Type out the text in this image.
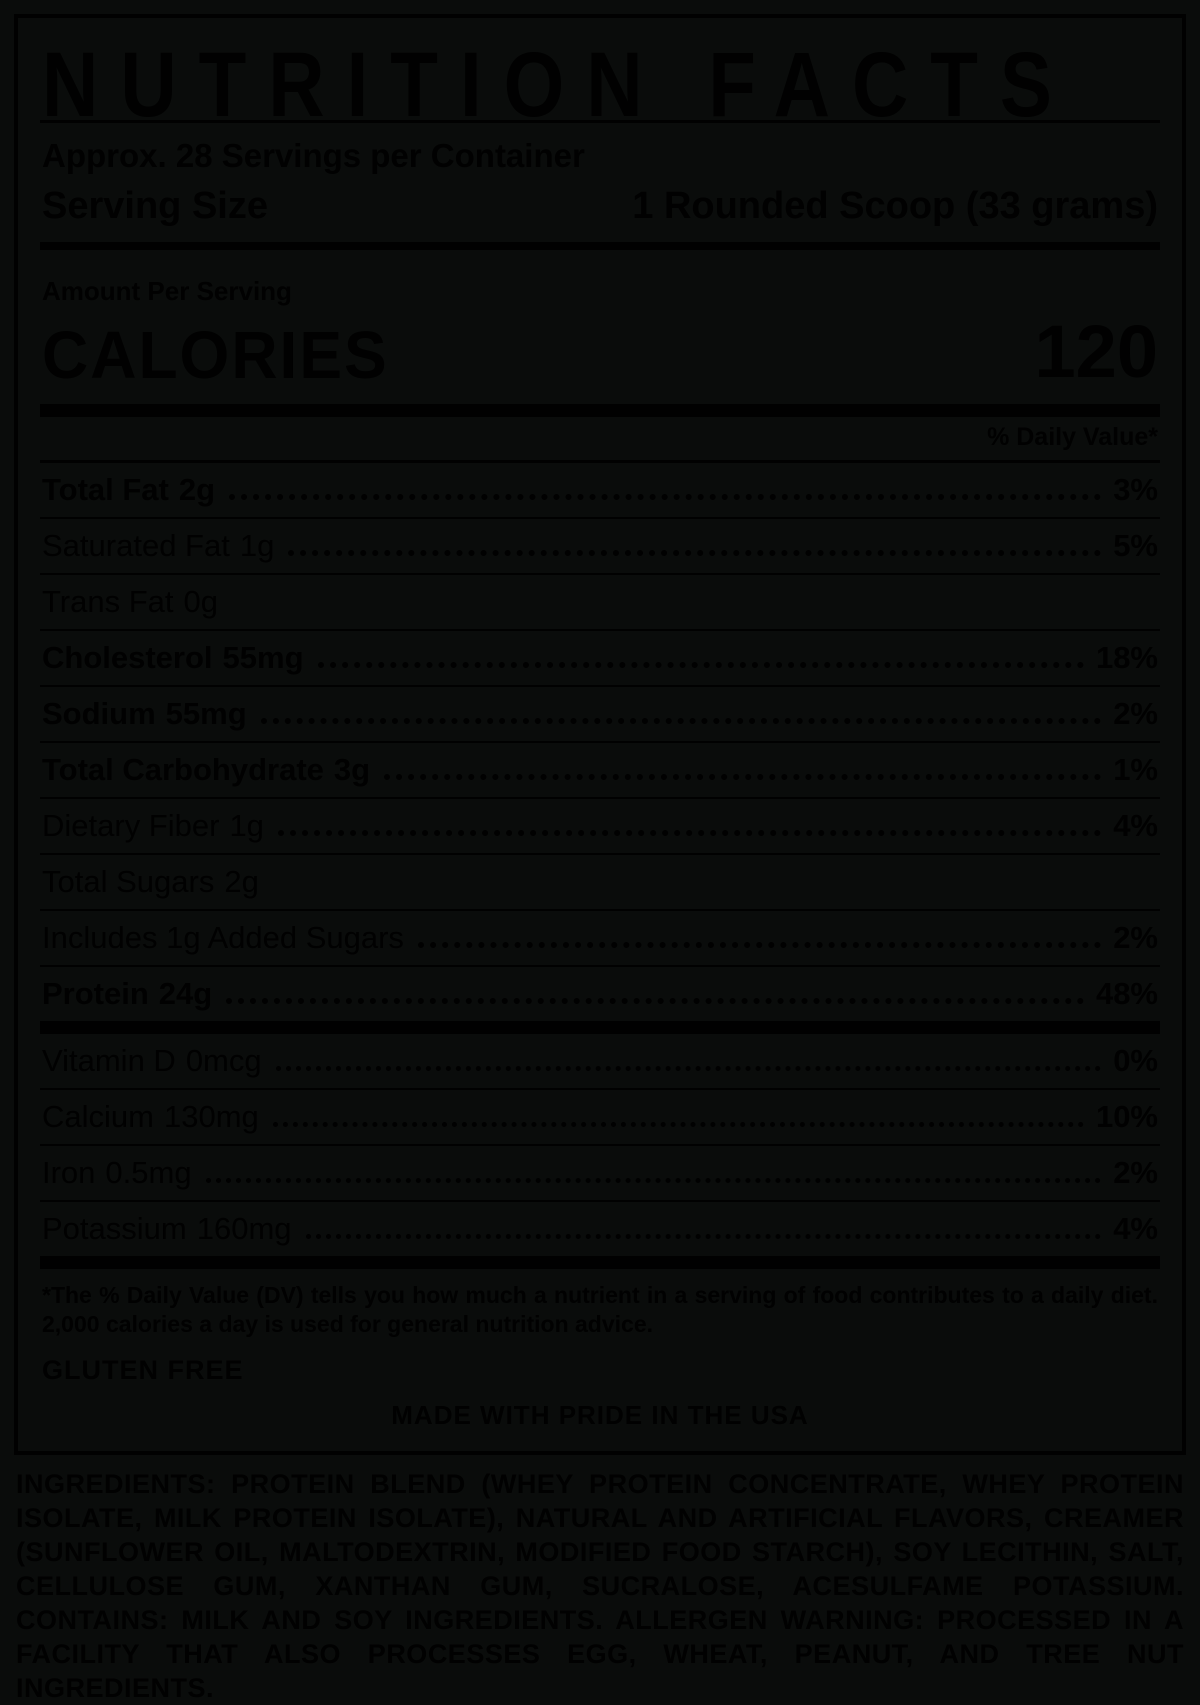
NUTRITION FACTS
Approx. 28 Servings per Container
Serving Size	1 Rounded Scoop (33 grams)
Amount Per Serving
CALORIES	120
% Daily Value*
Total Fat 2g	3%
Saturated Fat 1g	5%
Trans Fat 0g
Cholesterol 55mg	18%
Sodium 55mg	2%
Total Carbohydrate 3g	1%
Dietary Fiber 1g	4%
Total Sugars 2g
Includes 1g Added Sugars	2%
Protein 24g	48%
Vitamin D 0mcg	0%
Calcium 130mg	10%
Iron 0.5mg	2%
Potassium 160mg	4%
*The % Daily Value (DV) tells you how much a nutrient in a serving of food contributes to a daily diet. 2,000 calories a day is used for general nutrition advice.
GLUTEN FREE
MADE WITH PRIDE IN THE USA
INGREDIENTS: PROTEIN BLEND (WHEY PROTEIN CONCENTRATE, WHEY PROTEIN ISOLATE, MILK PROTEIN ISOLATE), NATURAL AND ARTIFICIAL FLAVORS, CREAMER (SUNFLOWER OIL, MALTODEXTRIN, MODIFIED FOOD STARCH), SOY LECITHIN, SALT, CELLULOSE GUM, XANTHAN GUM, SUCRALOSE, ACESULFAME POTASSIUM. CONTAINS: MILK AND SOY INGREDIENTS. ALLERGEN WARNING: PROCESSED IN A FACILITY THAT ALSO PROCESSES EGG, WHEAT, PEANUT, AND TREE NUT INGREDIENTS.
